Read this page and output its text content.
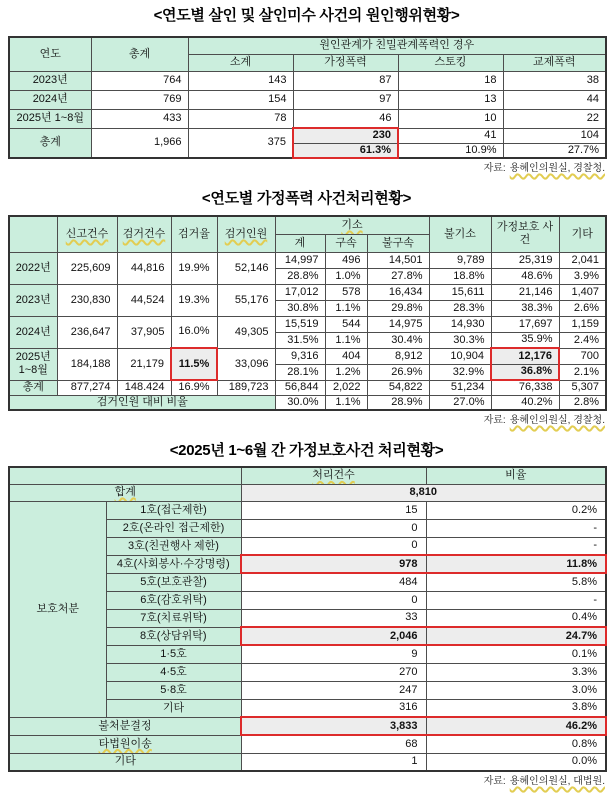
<연도별 살인 및 살인미수 사건의 원인행위현황>
연도	총계	원인관계가 친밀관계폭력인 경우			
		소계	가정폭력	스토킹	교제폭력
2023년	764	143	87	18	38
2024년	769	154	97	13	44
2025년 1~8월	433	78	46	10	22
총계	1,966	375	230	41	104
			61.3%	10.9%	27.7%
자료: 용혜인의원실, 경찰청.
<연도별 가정폭력 사건처리현황>
	신고건수	검거건수	검거율	검거인원	기소			불기소	가정보호 사건	기타
					계	구속	불구속			
2022년	225,609	44,816	19.9%	52,146	14,997	496	14,501	9,789	25,319	2,041
					28.8%	1.0%	27.8%	18.8%	48.6%	3.9%
2023년	230,830	44,524	19.3%	55,176	17,012	578	16,434	15,611	21,146	1,407
					30.8%	1.1%	29.8%	28.3%	38.3%	2.6%
2024년	236,647	37,905	16.0%	49,305	15,519	544	14,975	14,930	17,697	1,159
					31.5%	1.1%	30.4%	30.3%	35.9%	2.4%
2025년 1~8월	184,188	21,179	11.5%	33,096	9,316	404	8,912	10,904	12,176	700
					28.1%	1.2%	26.9%	32.9%	36.8%	2.1%
총계	877,274	148.424	16.9%	189,723	56,844	2,022	54,822	51,234	76,338	5,307
검거인원 대비 비율					30.0%	1.1%	28.9%	27.0%	40.2%	2.8%
자료: 용혜인의원실, 경찰청.
<2025년 1~6월 간 가정보호사건 처리현황>
		처리건수	비율
합계		8,810	
보호처분	1호(접근제한)	15	0.2%
	2호(온라인 접근제한)	0	-
	3호(친권행사 제한)	0	-
	4호(사회봉사·수강명령)	978	11.8%
	5호(보호관찰)	484	5.8%
	6호(감호위탁)	0	-
	7호(치료위탁)	33	0.4%
	8호(상담위탁)	2,046	24.7%
	1·5호	9	0.1%
	4·5호	270	3.3%
	5·8호	247	3.0%
	기타	316	3.8%
불처분결정		3,833	46.2%
타법원이송		68	0.8%
기타		1	0.0%
자료: 용혜인의원실, 대법원.
